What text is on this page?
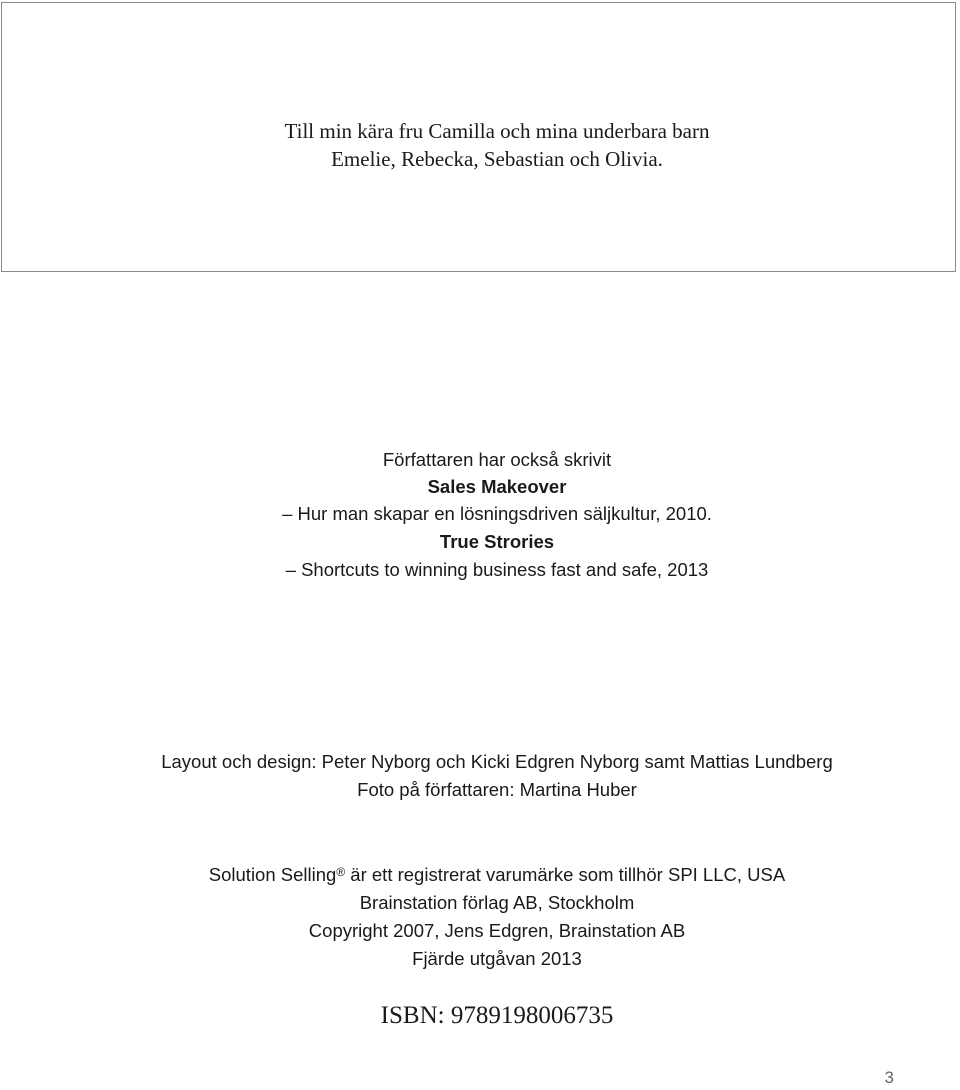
Till min kära fru Camilla och mina underbara barn
Emelie, Rebecka, Sebastian och Olivia.
Författaren har också skrivit
Sales Makeover
– Hur man skapar en lösningsdriven säljkultur, 2010.
True Strories
– Shortcuts to winning business fast and safe, 2013
Layout och design: Peter Nyborg och Kicki Edgren Nyborg samt Mattias Lundberg
Foto på författaren: Martina Huber
Solution Selling® är ett registrerat varumärke som tillhör SPI LLC, USA
Brainstation förlag AB, Stockholm
Copyright 2007, Jens Edgren, Brainstation AB
Fjärde utgåvan 2013
ISBN: 9789198006735
3
